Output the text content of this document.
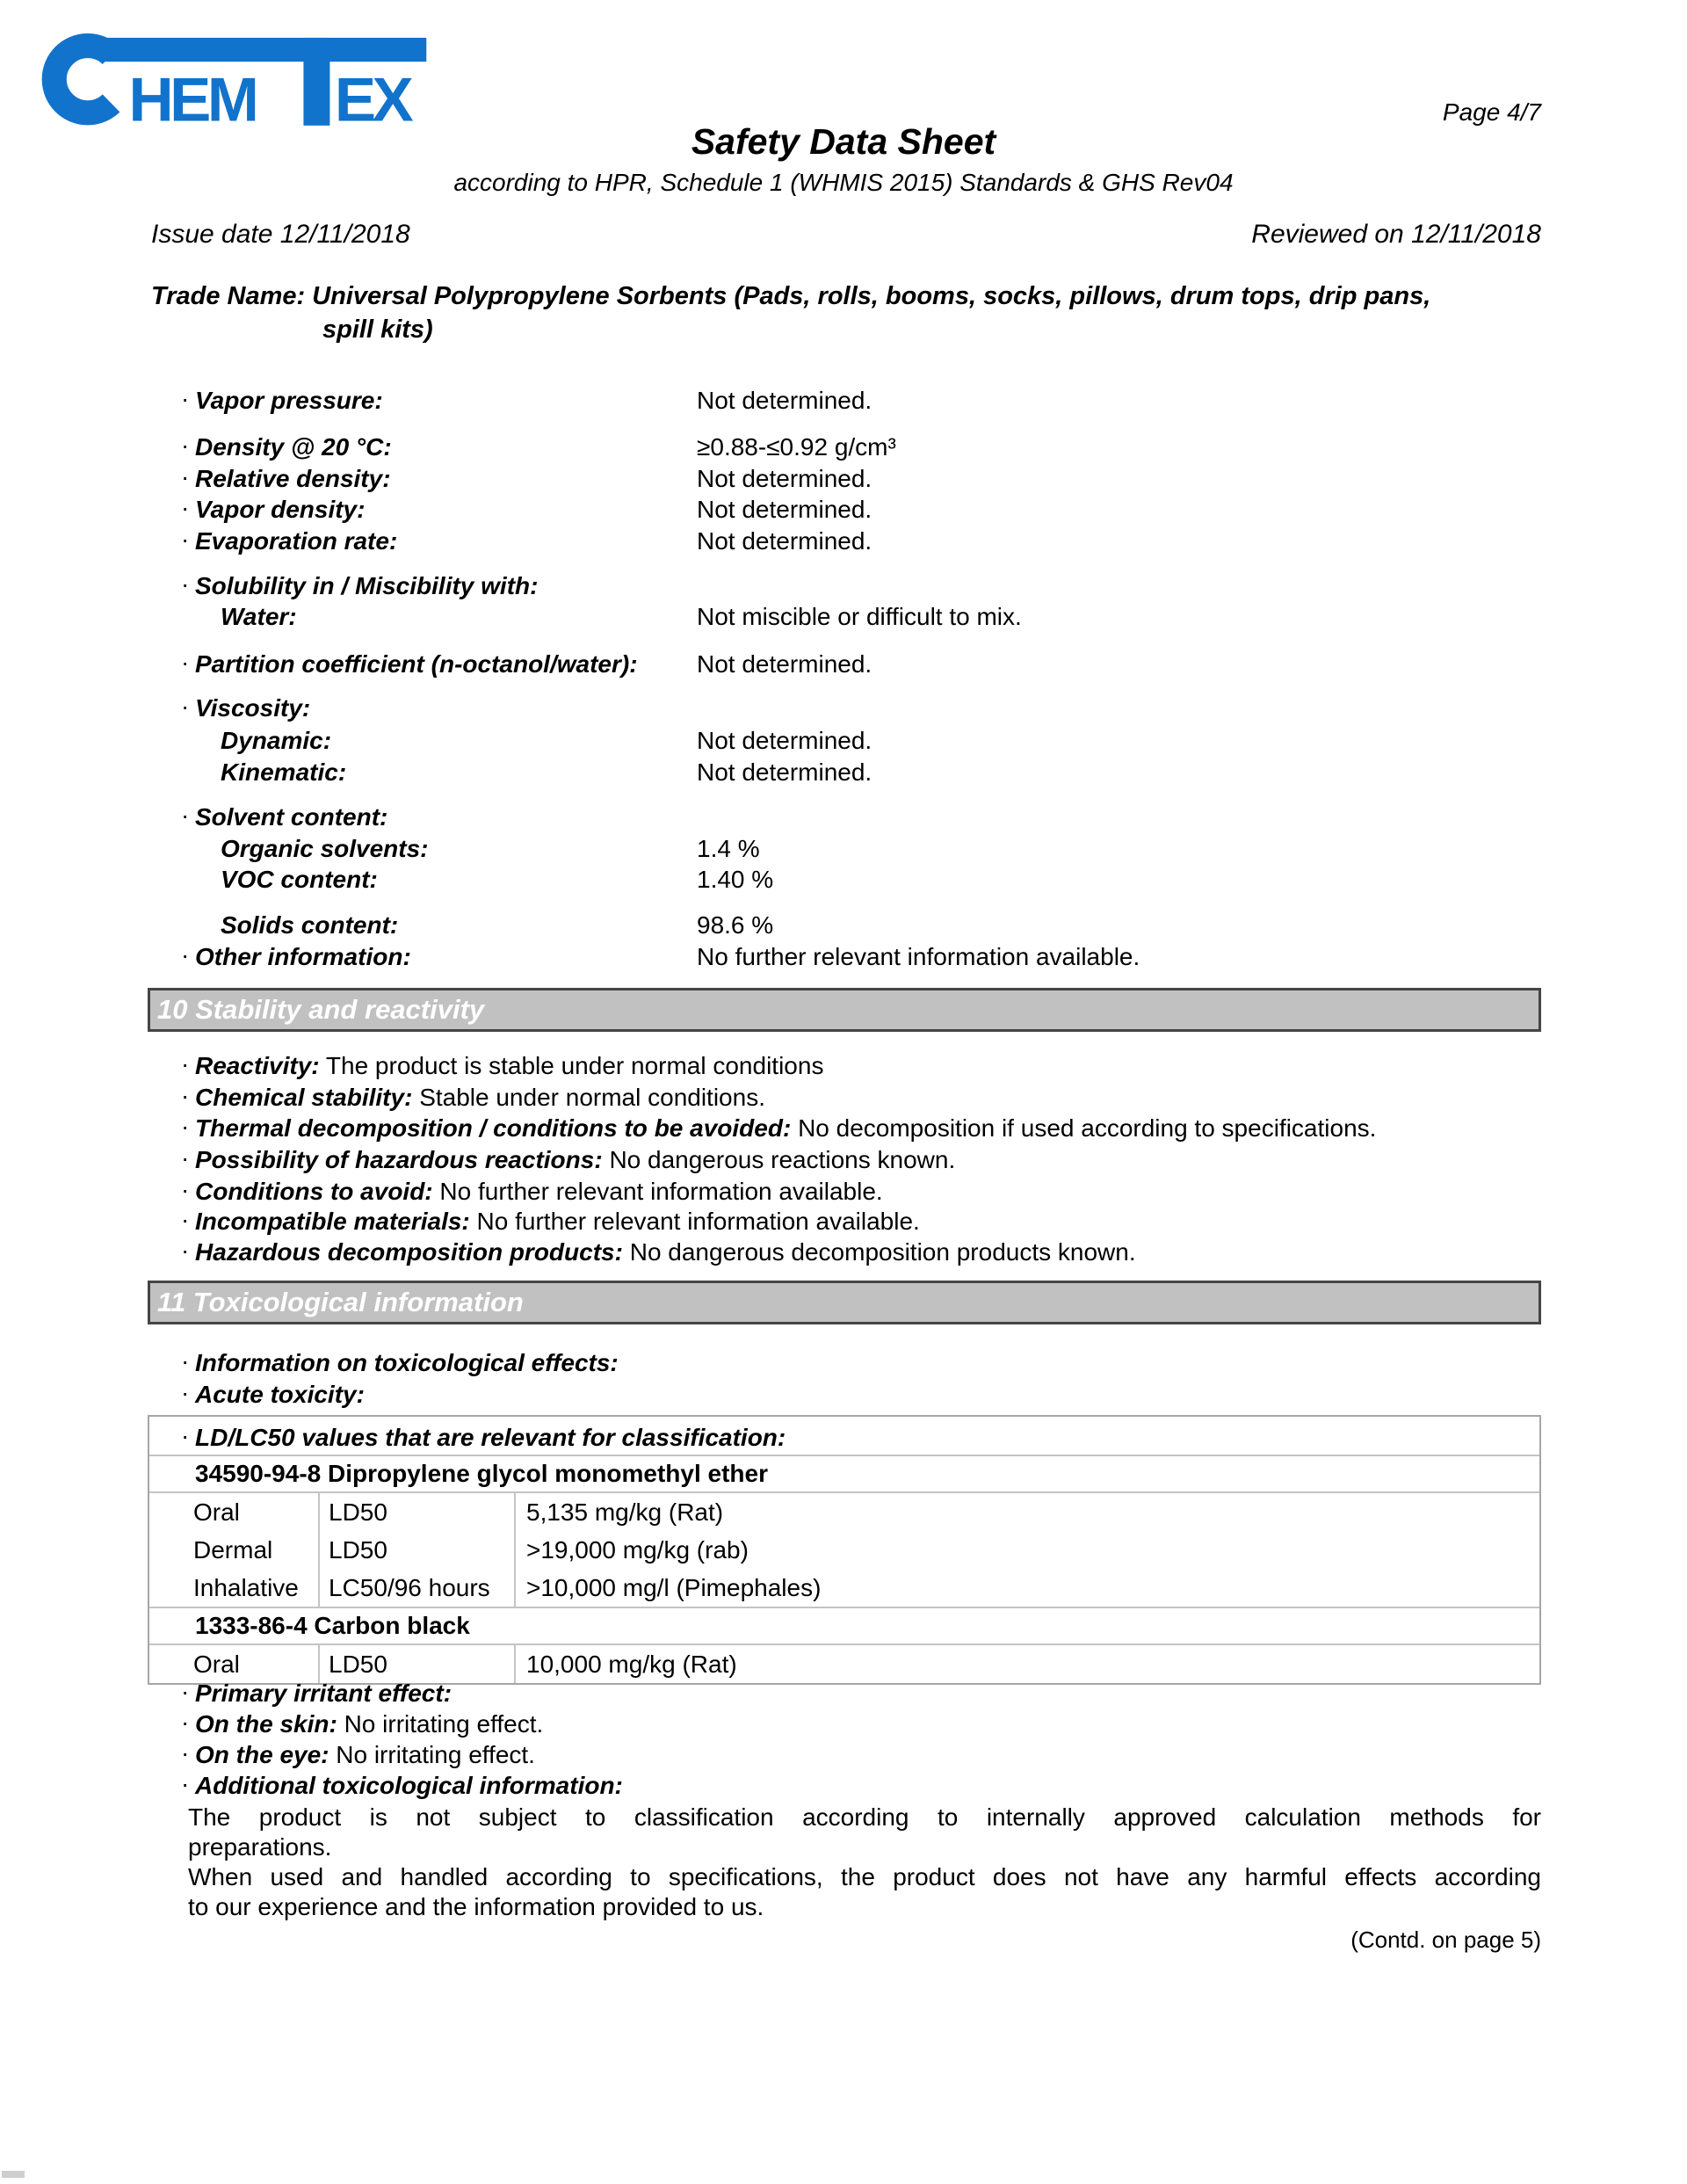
HEM EX	Page 4/7
Safety Data Sheet
according to HPR, Schedule 1 (WHMIS 2015) Standards & GHS Rev04
Issue date 12/11/2018	Reviewed on 12/11/2018
Trade Name: Universal Polypropylene Sorbents (Pads, rolls, booms, socks, pillows, drum tops, drip pans,
spill kits)
· Vapor pressure:	Not determined.
· Density @ 20 °C:	≥0.88-≤0.92 g/cm³
· Relative density:	Not determined.
· Vapor density:	Not determined.
· Evaporation rate:	Not determined.
· Solubility in / Miscibility with:
Water:	Not miscible or difficult to mix.
· Partition coefficient (n-octanol/water): Not determined.
· Viscosity:
Dynamic:	Not determined.
Kinematic:	Not determined.
· Solvent content:
Organic solvents:	1.4 %
VOC content:	1.40 %
Solids content:	98.6 %
· Other information:	No further relevant information available.
10 Stability and reactivity
· Reactivity: The product is stable under normal conditions
· Chemical stability: Stable under normal conditions.
· Thermal decomposition / conditions to be avoided: No decomposition if used according to specifications.
· Possibility of hazardous reactions: No dangerous reactions known.
· Conditions to avoid: No further relevant information available.
· Incompatible materials: No further relevant information available.
· Hazardous decomposition products: No dangerous decomposition products known.
11 Toxicological information
· Information on toxicological effects:
· Acute toxicity:
· LD/LC50 values that are relevant for classification:
34590-94-8 Dipropylene glycol monomethyl ether
Oral	LD50	5,135 mg/kg (Rat)
Dermal	LD50	>19,000 mg/kg (rab)
Inhalative	LC50/96 hours	>10,000 mg/l (Pimephales)
1333-86-4 Carbon black
Oral	LD50	10,000 mg/kg (Rat)
· Primary irritant effect:
· On the skin: No irritating effect.
· On the eye: No irritating effect.
· Additional toxicological information:
The product is not subject to classification according to internally approved calculation methods for
preparations.
When used and handled according to specifications, the product does not have any harmful effects according
to our experience and the information provided to us.
(Contd. on page 5)
